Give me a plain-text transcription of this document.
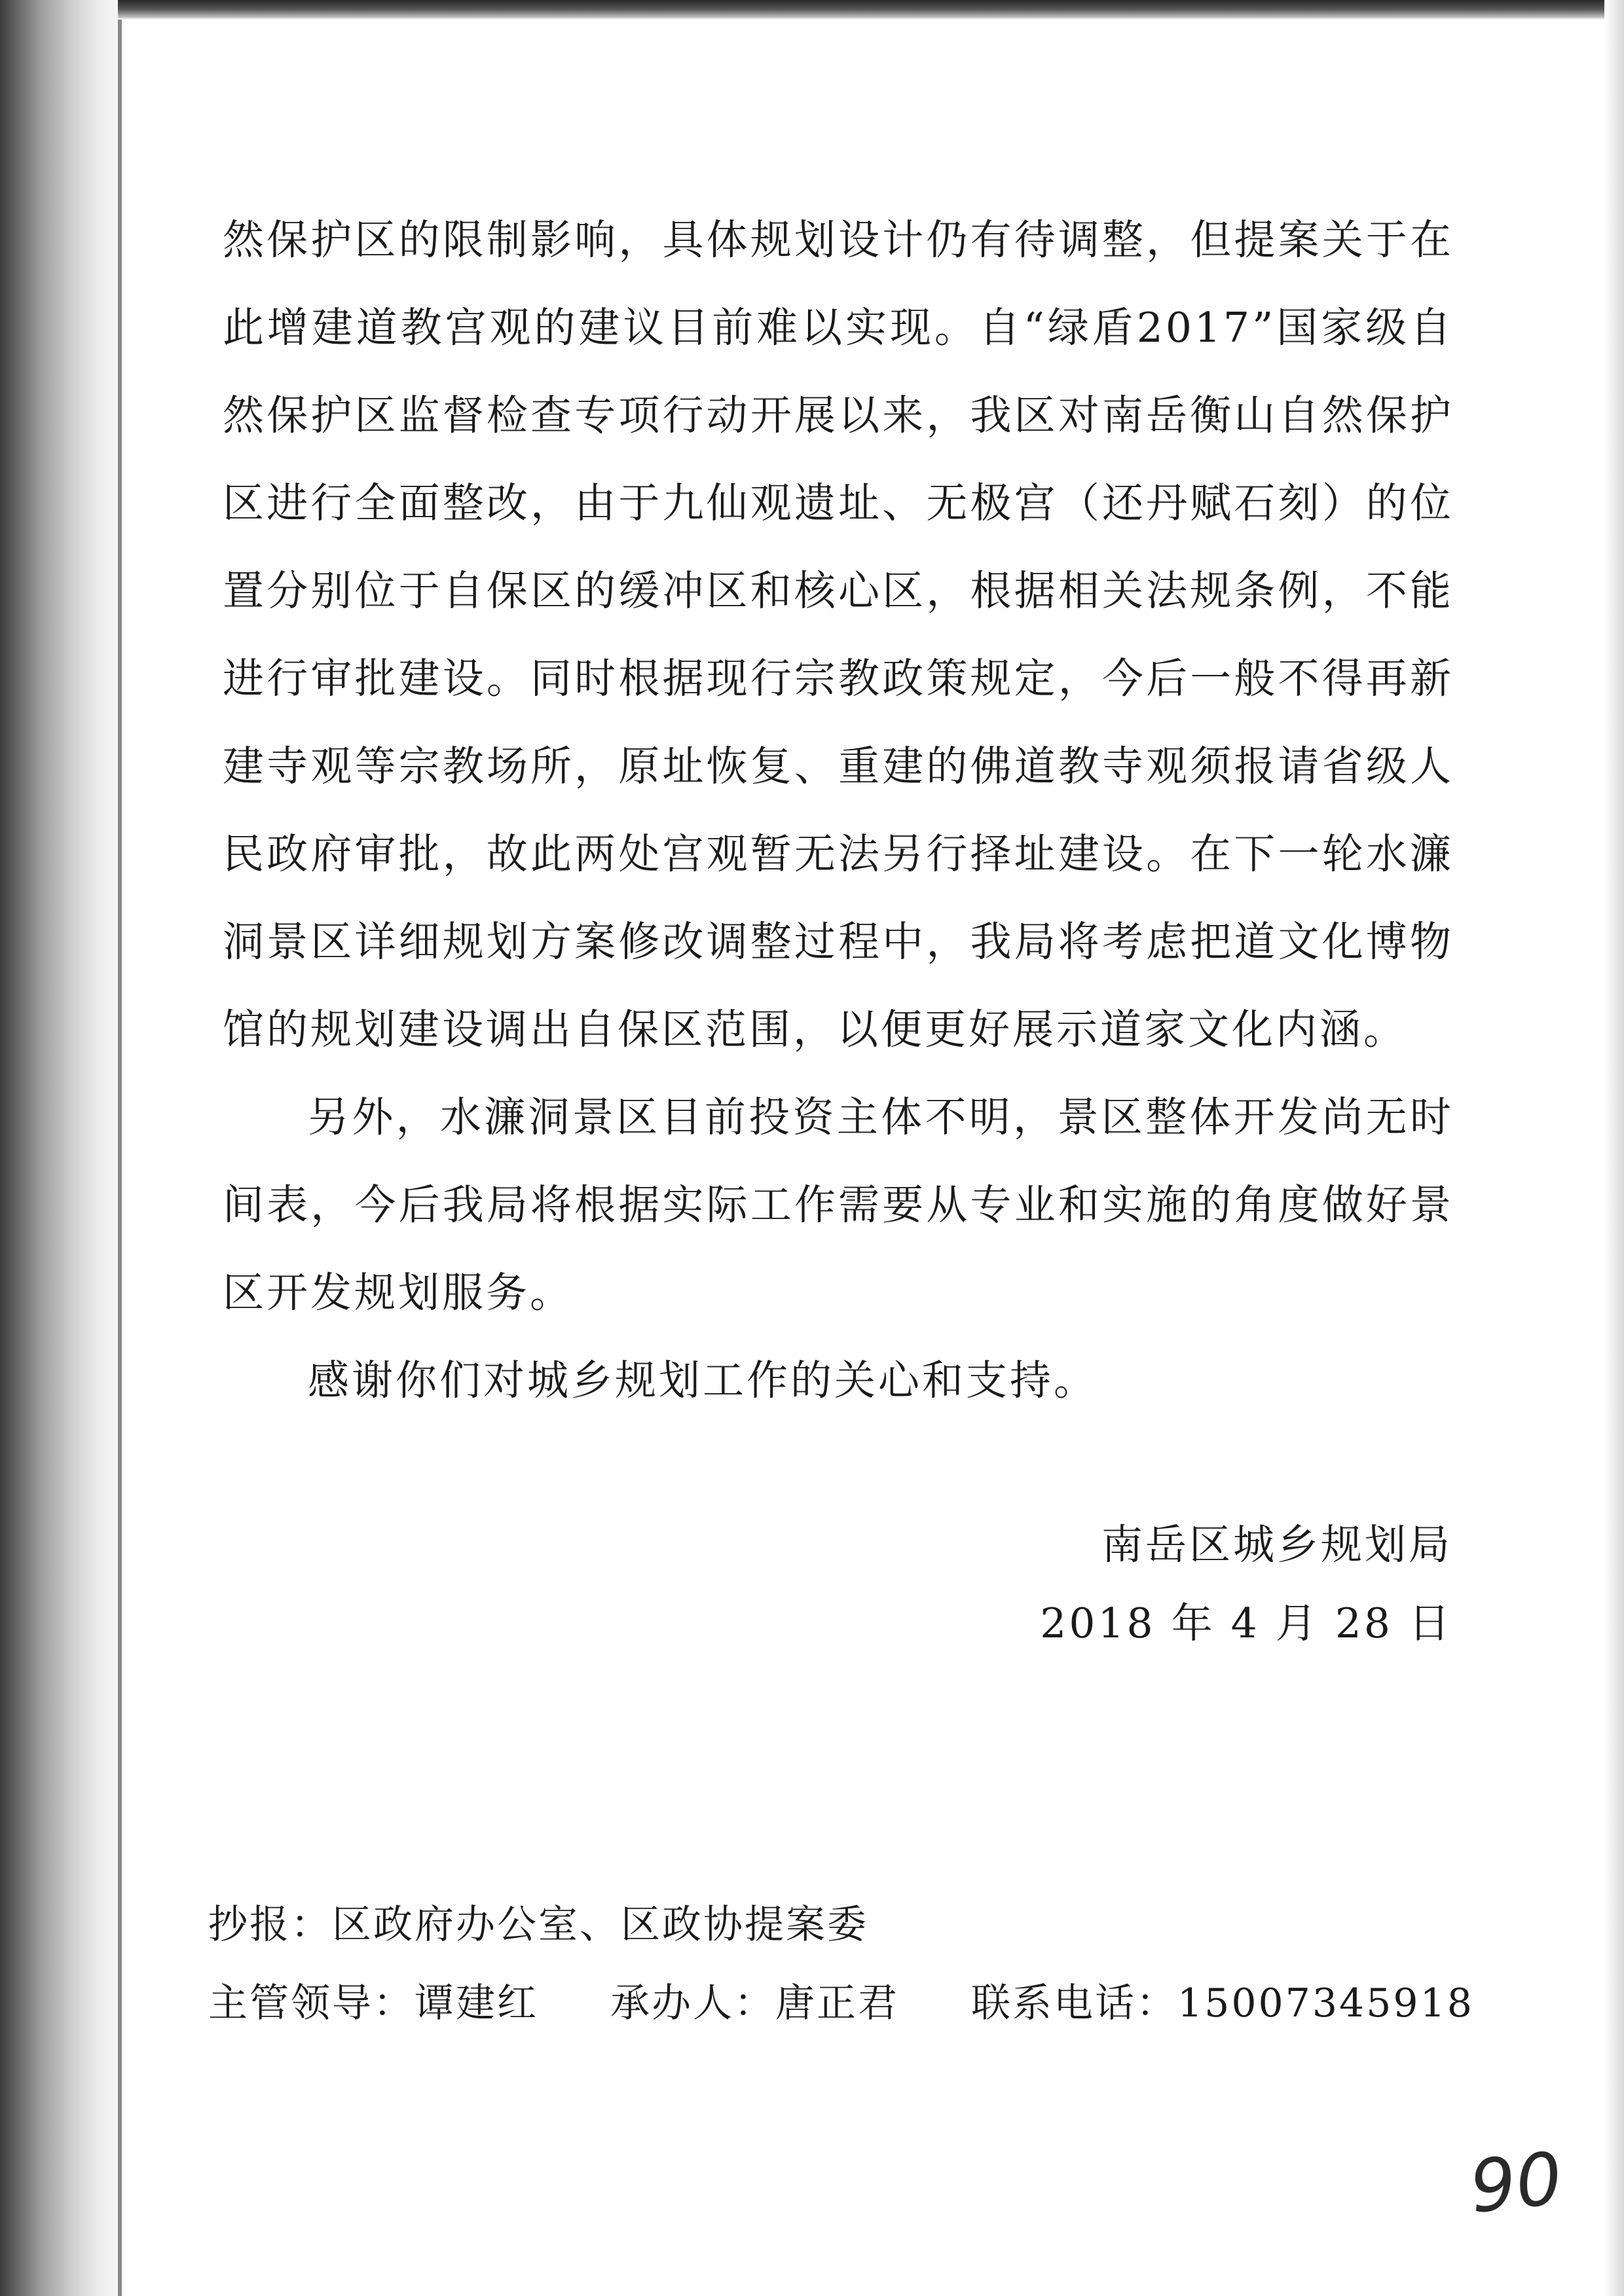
然保护区的限制影响，具体规划设计仍有待调整，但提案关于在此增建道教宫观的建议目前难以实现。自“绿盾2017”国家级自然保护区监督检查专项行动开展以来，我区对南岳衡山自然保护区进行全面整改，由于九仙观遗址、无极宫（还丹赋石刻）的位置分别位于自保区的缓冲区和核心区，根据相关法规条例，不能进行审批建设。同时根据现行宗教政策规定，今后一般不得再新建寺观等宗教场所，原址恢复、重建的佛道教寺观须报请省级人民政府审批，故此两处宫观暂无法另行择址建设。在下一轮水濂洞景区详细规划方案修改调整过程中，我局将考虑把道文化博物馆的规划建设调出自保区范围，以便更好展示道家文化内涵。

另外，水濂洞景区目前投资主体不明，景区整体开发尚无时间表，今后我局将根据实际工作需要从专业和实施的角度做好景区开发规划服务。

感谢你们对城乡规划工作的关心和支持。

南岳区城乡规划局
2018 年 4 月 28 日
抄报：区政府办公室、区政协提案委
主管领导：谭建红 承办人：唐正君 联系电话：15007345918
90
